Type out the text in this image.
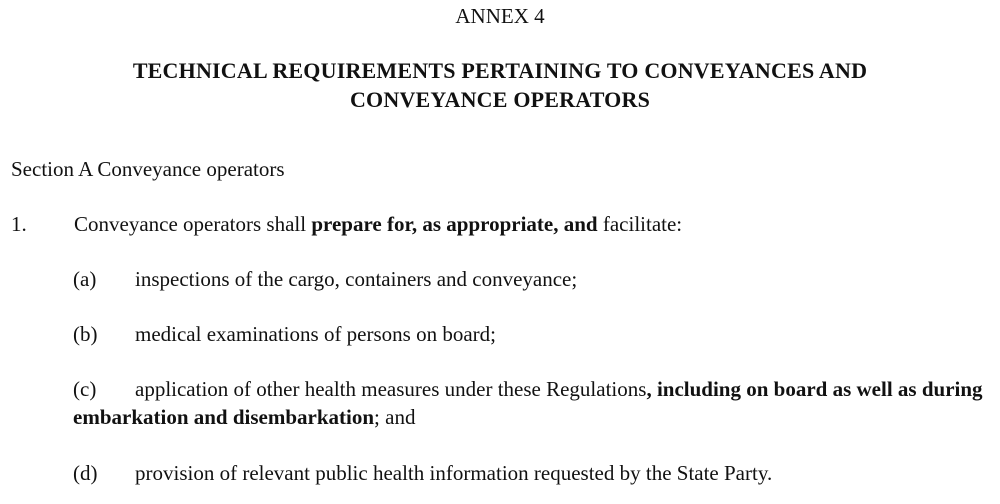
ANNEX 4
TECHNICAL REQUIREMENTS PERTAINING TO CONVEYANCES AND
CONVEYANCE OPERATORS
Section A Conveyance operators
1. Conveyance operators shall prepare for, as appropriate, and facilitate:
(a) inspections of the cargo, containers and conveyance;
(b) medical examinations of persons on board;
(c) application of other health measures under these Regulations, including on board as well as during embarkation and disembarkation; and
(d) provision of relevant public health information requested by the State Party.
